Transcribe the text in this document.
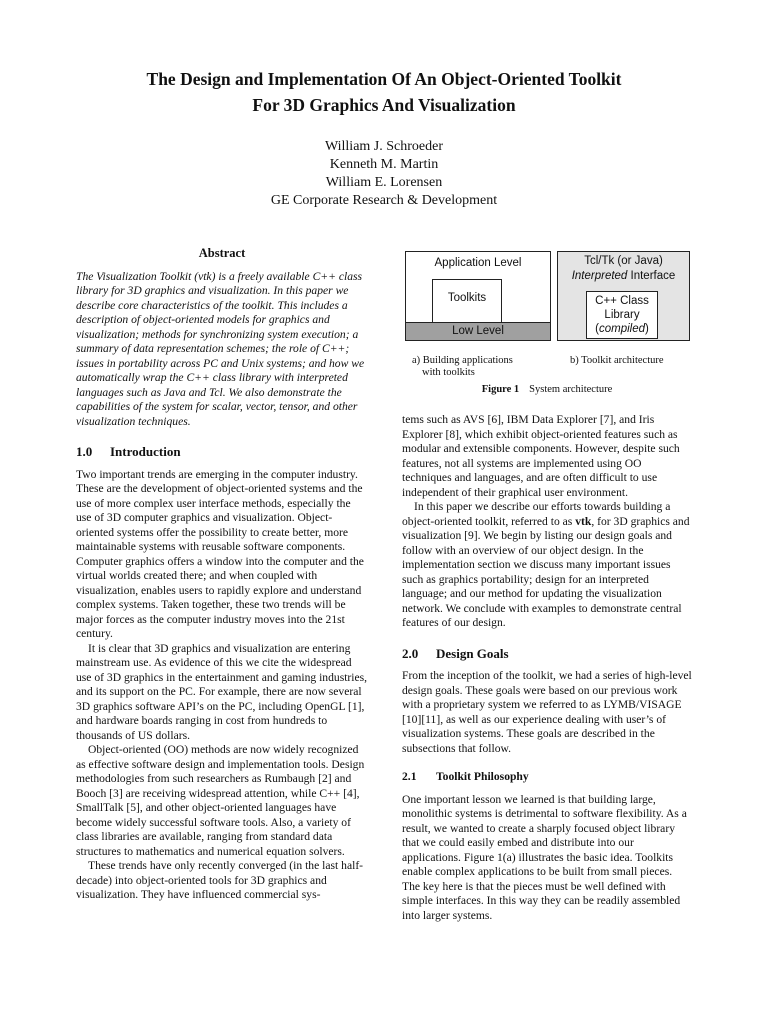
The Design and Implementation Of An Object-Oriented Toolkit
For 3D Graphics And Visualization
William J. Schroeder
Kenneth M. Martin
William E. Lorensen
GE Corporate Research & Development
Abstract

The Visualization Toolkit (vtk) is a freely available C++ class library for 3D graphics and visualization. In this paper we describe core characteristics of the toolkit. This includes a description of object-oriented models for graphics and visualization; methods for synchronizing system execution; a summary of data representation schemes; the role of C++; issues in portability across PC and Unix systems; and how we automatically wrap the C++ class library with interpreted languages such as Java and Tcl. We also demonstrate the capabilities of the system for scalar, vector, tensor, and other visualization techniques.

1.0 Introduction

Two important trends are emerging in the computer industry. These are the development of object-oriented systems and the use of more complex user interface methods, especially the use of 3D computer graphics and visualization. Object-oriented systems offer the possibility to create better, more maintainable systems with reusable software components. Computer graphics offers a window into the computer and the virtual worlds created there; and when coupled with visualization, enables users to rapidly explore and understand complex systems. Taken together, these two trends will be major forces as the computer industry moves into the 21st century.

It is clear that 3D graphics and visualization are entering mainstream use. As evidence of this we cite the widespread use of 3D graphics in the entertainment and gaming industries, and its support on the PC. For example, there are now several 3D graphics software API’s on the PC, including OpenGL [1], and hardware boards ranging in cost from hundreds to thousands of US dollars.

Object-oriented (OO) methods are now widely recognized as effective software design and implementation tools. Design methodologies from such researchers as Rumbaugh [2] and Booch [3] are receiving widespread attention, while C++ [4], SmallTalk [5], and other object-oriented languages have become widely successful software tools. Also, a variety of class libraries are available, ranging from standard data structures to mathematics and numerical equation solvers.

These trends have only recently converged (in the last half-decade) into object-oriented tools for 3D graphics and visualization. They have influenced commercial sys-

Application Level
Toolkits
Low Level
Tcl/Tk (or Java)
Interpreted Interface
C++ Class
Library
(compiled)
a) Building applications
with toolkits
b) Toolkit architecture
Figure 1 System architecture

tems such as AVS [6], IBM Data Explorer [7], and Iris Explorer [8], which exhibit object-oriented features such as modular and extensible components. However, despite such features, not all systems are implemented using OO techniques and languages, and are often difficult to use independent of their graphical user environment.

In this paper we describe our efforts towards building a object-oriented toolkit, referred to as vtk, for 3D graphics and visualization [9]. We begin by listing our design goals and follow with an overview of our object design. In the implementation section we discuss many important issues such as graphics portability; design for an interpreted language; and our method for updating the visualization network. We conclude with examples to demonstrate central features of our design.

2.0 Design Goals

From the inception of the toolkit, we had a series of high-level design goals. These goals were based on our previous work with a proprietary system we referred to as LYMB/VISAGE [10][11], as well as our experience dealing with user’s of visualization systems. These goals are described in the subsections that follow.

2.1 Toolkit Philosophy

One important lesson we learned is that building large, monolithic systems is detrimental to software flexibility. As a result, we wanted to create a sharply focused object library that we could easily embed and distribute into our applications. Figure 1(a) illustrates the basic idea. Toolkits enable complex applications to be built from small pieces. The key here is that the pieces must be well defined with simple interfaces. In this way they can be readily assembled into larger systems.
